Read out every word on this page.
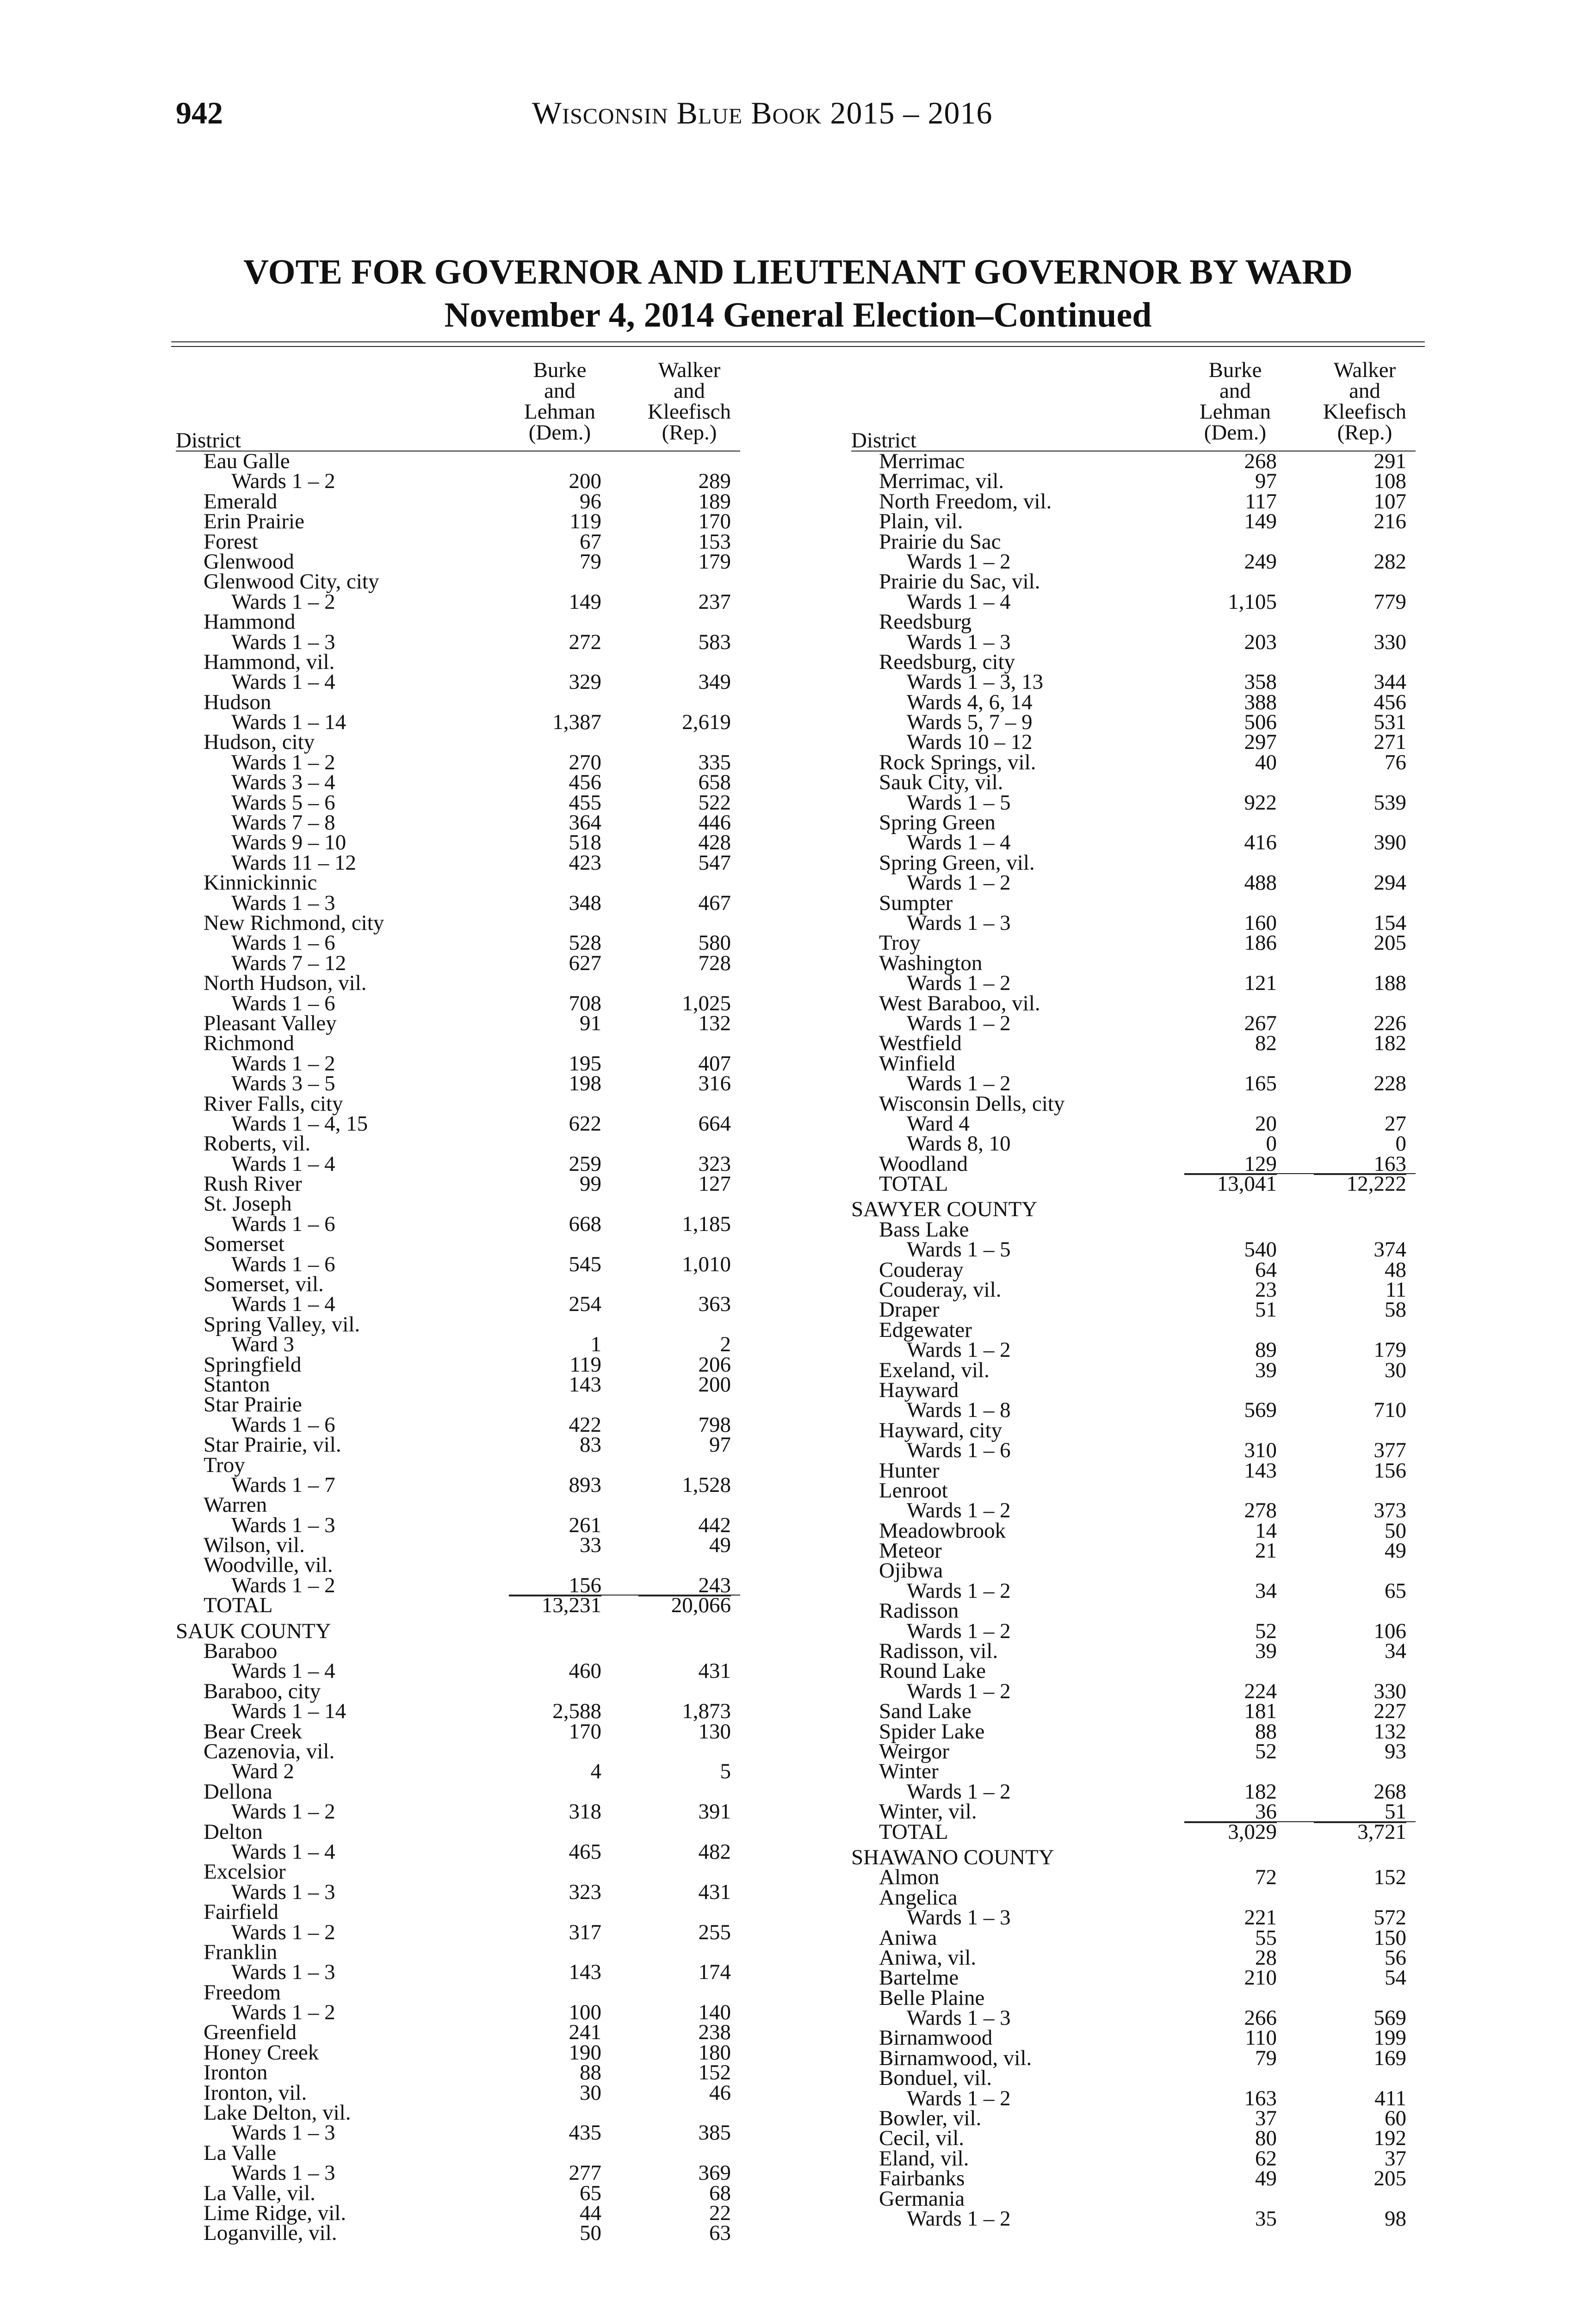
942	Wisconsin Blue Book 2015 – 2016
VOTE FOR GOVERNOR AND LIEUTENANT GOVERNOR BY WARD
November 4, 2014 General Election–Continued
Burke
and
Lehman
(Dem.)
Walker
and
Kleefisch
(Rep.)
District
Eau Galle
Wards 1 – 2	200	289
Emerald	96	189
Erin Prairie	119	170
Forest	67	153
Glenwood	79	179
Glenwood City, city
Wards 1 – 2	149	237
Hammond
Wards 1 – 3	272	583
Hammond, vil.
Wards 1 – 4	329	349
Hudson
Wards 1 – 14	1,387	2,619
Hudson, city
Wards 1 – 2	270	335
Wards 3 – 4	456	658
Wards 5 – 6	455	522
Wards 7 – 8	364	446
Wards 9 – 10	518	428
Wards 11 – 12	423	547
Kinnickinnic
Wards 1 – 3	348	467
New Richmond, city
Wards 1 – 6	528	580
Wards 7 – 12	627	728
North Hudson, vil.
Wards 1 – 6	708	1,025
Pleasant Valley	91	132
Richmond
Wards 1 – 2	195	407
Wards 3 – 5	198	316
River Falls, city
Wards 1 – 4, 15	622	664
Roberts, vil.
Wards 1 – 4	259	323
Rush River	99	127
St. Joseph
Wards 1 – 6	668	1,185
Somerset
Wards 1 – 6	545	1,010
Somerset, vil.
Wards 1 – 4	254	363
Spring Valley, vil.
Ward 3	1	2
Springfield	119	206
Stanton	143	200
Star Prairie
Wards 1 – 6	422	798
Star Prairie, vil.	83	97
Troy
Wards 1 – 7	893	1,528
Warren
Wards 1 – 3	261	442
Wilson, vil.	33	49
Woodville, vil.
Wards 1 – 2	156	243
TOTAL	13,231	20,066
SAUK COUNTY
Baraboo
Wards 1 – 4	460	431
Baraboo, city
Wards 1 – 14	2,588	1,873
Bear Creek	170	130
Cazenovia, vil.
Ward 2	4	5
Dellona
Wards 1 – 2	318	391
Delton
Wards 1 – 4	465	482
Excelsior
Wards 1 – 3	323	431
Fairfield
Wards 1 – 2	317	255
Franklin
Wards 1 – 3	143	174
Freedom
Wards 1 – 2	100	140
Greenfield	241	238
Honey Creek	190	180
Ironton	88	152
Ironton, vil.	30	46
Lake Delton, vil.
Wards 1 – 3	435	385
La Valle
Wards 1 – 3	277	369
La Valle, vil.	65	68
Lime Ridge, vil.	44	22
Loganville, vil.	50	63
Burke
and
Lehman
(Dem.)
Walker
and
Kleefisch
(Rep.)
District
Merrimac	268	291
Merrimac, vil.	97	108
North Freedom, vil.	117	107
Plain, vil.	149	216
Prairie du Sac
Wards 1 – 2	249	282
Prairie du Sac, vil.
Wards 1 – 4	1,105	779
Reedsburg
Wards 1 – 3	203	330
Reedsburg, city
Wards 1 – 3, 13	358	344
Wards 4, 6, 14	388	456
Wards 5, 7 – 9	506	531
Wards 10 – 12	297	271
Rock Springs, vil.	40	76
Sauk City, vil.
Wards 1 – 5	922	539
Spring Green
Wards 1 – 4	416	390
Spring Green, vil.
Wards 1 – 2	488	294
Sumpter
Wards 1 – 3	160	154
Troy	186	205
Washington
Wards 1 – 2	121	188
West Baraboo, vil.
Wards 1 – 2	267	226
Westfield	82	182
Winfield
Wards 1 – 2	165	228
Wisconsin Dells, city
Ward 4	20	27
Wards 8, 10	0	0
Woodland	129	163
TOTAL	13,041	12,222
SAWYER COUNTY
Bass Lake
Wards 1 – 5	540	374
Couderay	64	48
Couderay, vil.	23	11
Draper	51	58
Edgewater
Wards 1 – 2	89	179
Exeland, vil.	39	30
Hayward
Wards 1 – 8	569	710
Hayward, city
Wards 1 – 6	310	377
Hunter	143	156
Lenroot
Wards 1 – 2	278	373
Meadowbrook	14	50
Meteor	21	49
Ojibwa
Wards 1 – 2	34	65
Radisson
Wards 1 – 2	52	106
Radisson, vil.	39	34
Round Lake
Wards 1 – 2	224	330
Sand Lake	181	227
Spider Lake	88	132
Weirgor	52	93
Winter
Wards 1 – 2	182	268
Winter, vil.	36	51
TOTAL	3,029	3,721
SHAWANO COUNTY
Almon	72	152
Angelica
Wards 1 – 3	221	572
Aniwa	55	150
Aniwa, vil.	28	56
Bartelme	210	54
Belle Plaine
Wards 1 – 3	266	569
Birnamwood	110	199
Birnamwood, vil.	79	169
Bonduel, vil.
Wards 1 – 2	163	411
Bowler, vil.	37	60
Cecil, vil.	80	192
Eland, vil.	62	37
Fairbanks	49	205
Germania
Wards 1 – 2	35	98
